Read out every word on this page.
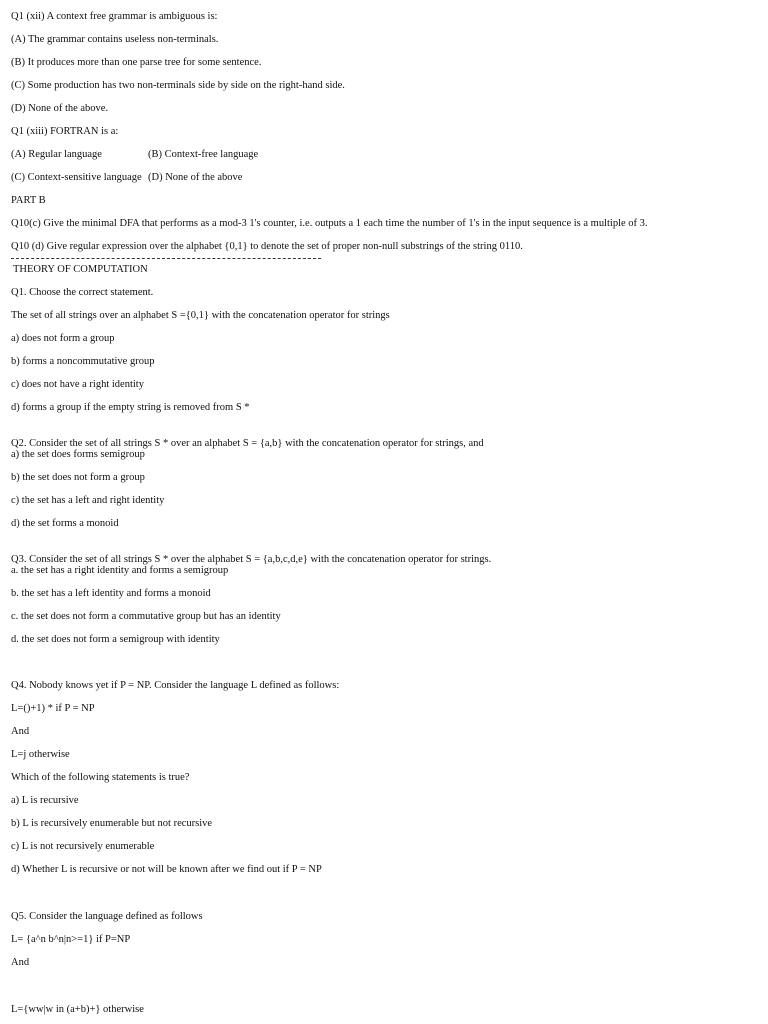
Q1 (xii) A context free grammar is ambiguous is:
(A) The grammar contains useless non-terminals.
(B) It produces more than one parse tree for some sentence.
(C) Some production has two non-terminals side by side on the right-hand side.
(D) None of the above.
Q1 (xiii) FORTRAN is a:
(A) Regular language	(B) Context-free language
(C) Context-sensitive language (D) None of the above
PART B
Q10(c) Give the minimal DFA that performs as a mod-3 1's counter, i.e. outputs a 1 each time the number of 1's in the input sequence is a multiple of 3.
Q10 (d) Give regular expression over the alphabet {0,1} to denote the set of proper non-null substrings of the string 0110.
THEORY OF COMPUTATION
Q1. Choose the correct statement.
The set of all strings over an alphabet S ={0,1} with the concatenation operator for strings
a) does not form a group
b) forms a noncommutative group
c) does not have a right identity
d) forms a group if the empty string is removed from S *
Q2. Consider the set of all strings S * over an alphabet S = {a,b} with the concatenation operator for strings, and
a) the set does forms semigroup
b) the set does not form a group
c) the set has a left and right identity
d) the set forms a monoid
Q3. Consider the set of all strings S * over the alphabet S = {a,b,c,d,e} with the concatenation operator for strings.
a. the set has a right identity and forms a semigroup
b. the set has a left identity and forms a monoid
c. the set does not form a commutative group but has an identity
d. the set does not form a semigroup with identity
Q4. Nobody knows yet if P = NP. Consider the language L defined as follows:
L=()+1) * if P = NP
And
L=j otherwise
Which of the following statements is true?
a) L is recursive
b) L is recursively enumerable but not recursive
c) L is not recursively enumerable
d) Whether L is recursive or not will be known after we find out if P = NP
Q5. Consider the language defined as follows
L= {a^n b^n|n>=1} if P=NP
And
L={ww|w in (a+b)+} otherwise
